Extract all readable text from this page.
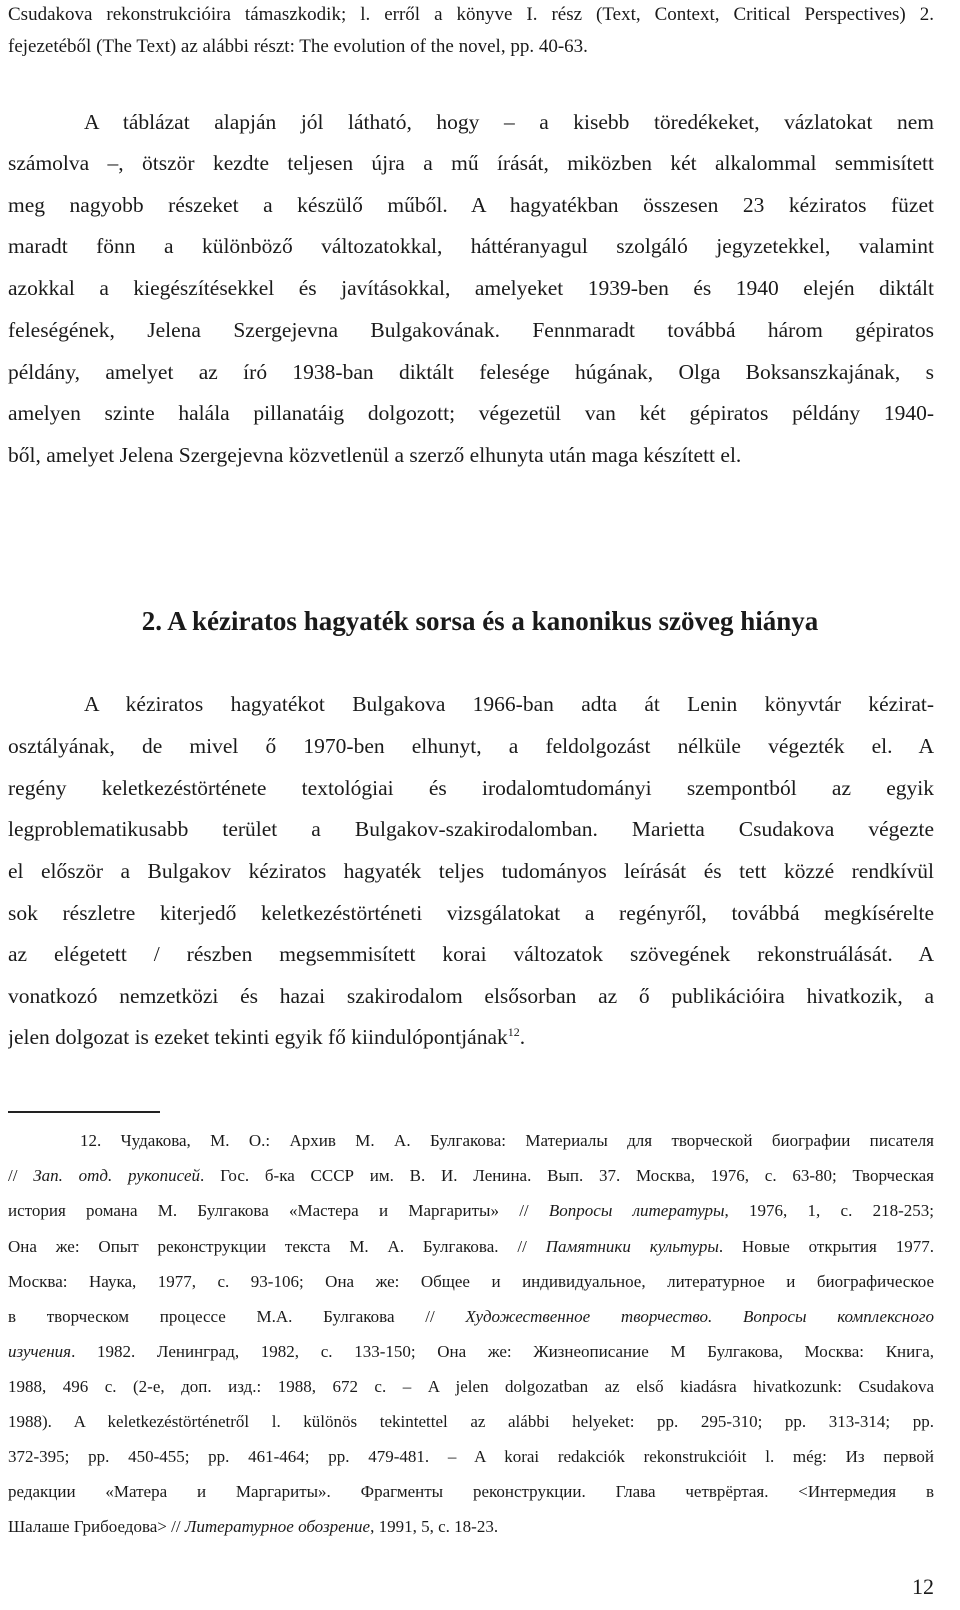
Csudakova rekonstrukcióira támaszkodik; l. erről a könyve I. rész (Text, Context, Critical Perspectives) 2.
fejezetéből (The Text) az alábbi részt: The evolution of the novel, pp. 40-63.
A táblázat alapján jól látható, hogy – a kisebb töredékeket, vázlatokat nem
számolva –, ötször kezdte teljesen újra a mű írását, miközben két alkalommal semmisített
meg nagyobb részeket a készülő műből. A hagyatékban összesen 23 kéziratos füzet
maradt fönn a különböző változatokkal, háttéranyagul szolgáló jegyzetekkel, valamint
azokkal a kiegészítésekkel és javításokkal, amelyeket 1939-ben és 1940 elején diktált
feleségének, Jelena Szergejevna Bulgakovának. Fennmaradt továbbá három gépiratos
példány, amelyet az író 1938-ban diktált felesége húgának, Olga Boksanszkajának, s
amelyen szinte halála pillanatáig dolgozott; végezetül van két gépiratos példány 1940-
ből, amelyet Jelena Szergejevna közvetlenül a szerző elhunyta után maga készített el.
2. A kéziratos hagyaték sorsa és a kanonikus szöveg hiánya
A kéziratos hagyatékot Bulgakova 1966-ban adta át Lenin könyvtár kézirat-
osztályának, de mivel ő 1970-ben elhunyt, a feldolgozást nélküle végezték el. A
regény keletkezéstörténete textológiai és irodalomtudományi szempontból az egyik
legproblematikusabb terület a Bulgakov-szakirodalomban. Marietta Csudakova végezte
el először a Bulgakov kéziratos hagyaték teljes tudományos leírását és tett közzé rendkívül
sok részletre kiterjedő keletkezéstörténeti vizsgálatokat a regényről, továbbá megkísérelte
az elégetett / részben megsemmisített korai változatok szövegének rekonstruálását. A
vonatkozó nemzetközi és hazai szakirodalom elsősorban az ő publikációira hivatkozik, a
jelen dolgozat is ezeket tekinti egyik fő kiindulópontjának$^{12}$.
12. Чудакова, М. О.: Архив М. А. Булгакова: Материалы для творческой биографии писателя
// Зап. отд. рукописей. Гос. б-ка СССР им. В. И. Ленина. Вып. 37. Москва, 1976, с. 63-80; Творческая
история романа М. Булгакова «Мастера и Маргариты» // Вопросы литературы, 1976, 1, с. 218-253;
Она же: Опыт реконструкции текста М. А. Булгакова. // Памятники культуры. Новые открытия 1977.
Москва: Наука, 1977, с. 93-106; Она же: Общее и индивидуальное, литературное и биографическое
в творческом процессе М.А. Булгакова // Художественное творчество. Вопросы комплексного
изучения. 1982. Ленинград, 1982, с. 133-150; Она же: Жизнеописание М Булгакова, Москва: Книга,
1988, 496 с. (2-е, доп. изд.: 1988, 672 с. – A jelen dolgozatban az első kiadásra hivatkozunk: Csudakova
1988). A keletkezéstörténetről l. különös tekintettel az alábbi helyeket: pp. 295-310; pp. 313-314; pp.
372-395; pp. 450-455; pp. 461-464; pp. 479-481. – A korai redakciók rekonstrukcióit l. még: Из первой
редакции «Матера и Маргариты». Фрагменты реконструкции. Глава четврёртая. <Интермедия в
Шалаше Грибоедова> // Литературное обозрение, 1991, 5, с. 18-23.
12
